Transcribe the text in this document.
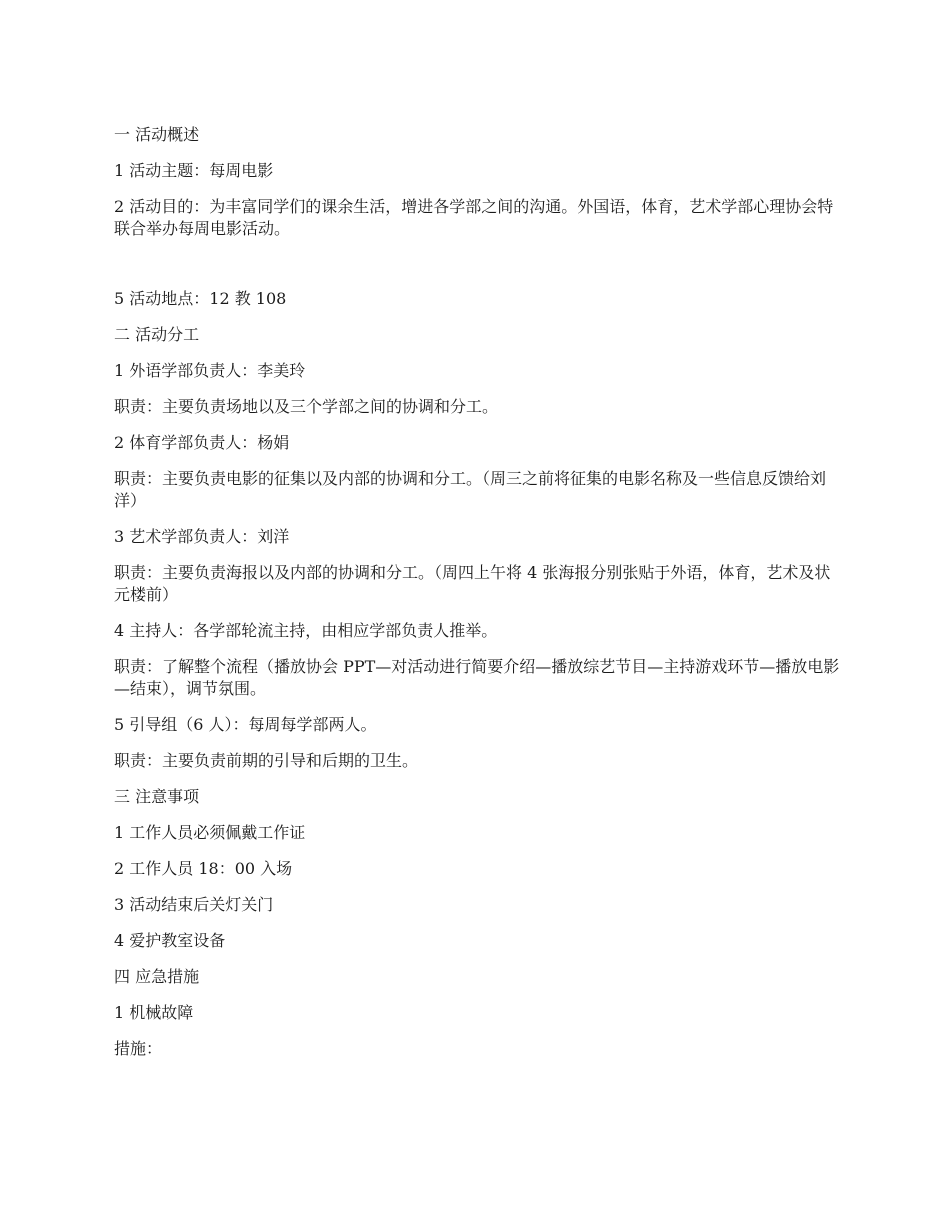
一 活动概述

1 活动主题：每周电影

2 活动目的：为丰富同学们的课余生活，增进各学部之间的沟通。外国语，体育，艺术学部心理协会特联合举办每周电影活动。

5 活动地点：12 教 108

二 活动分工

1 外语学部负责人：李美玲

职责：主要负责场地以及三个学部之间的协调和分工。

2 体育学部负责人：杨娟

职责：主要负责电影的征集以及内部的协调和分工。（周三之前将征集的电影名称及一些信息反馈给刘洋）

3 艺术学部负责人：刘洋

职责：主要负责海报以及内部的协调和分工。（周四上午将 4 张海报分别张贴于外语，体育，艺术及状元楼前）

4 主持人：各学部轮流主持，由相应学部负责人推举。

职责：了解整个流程（播放协会 PPT—对活动进行简要介绍—播放综艺节目—主持游戏环节—播放电影—结束），调节氛围。

5 引导组（6 人）：每周每学部两人。

职责：主要负责前期的引导和后期的卫生。

三 注意事项

1 工作人员必须佩戴工作证

2 工作人员 18：00 入场

3 活动结束后关灯关门

4 爱护教室设备

四 应急措施

1 机械故障

措施：
